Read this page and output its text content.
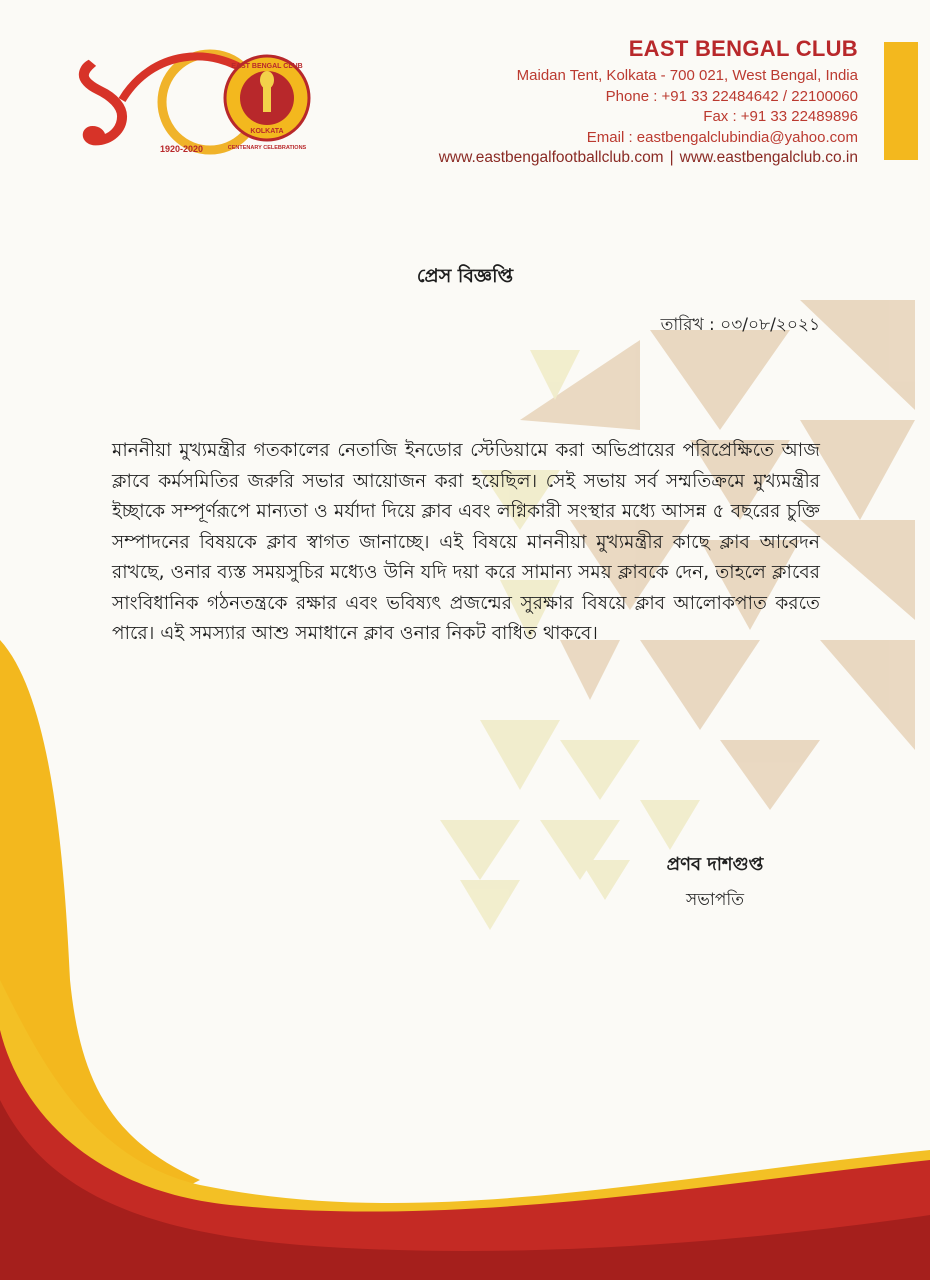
১ 1920-2020
EAST BENGAL CLUB
KOLKATA
CENTENARY CELEBRATIONS
EAST BENGAL CLUB
Maidan Tent, Kolkata - 700 021, West Bengal, India
Phone : +91 33 22484642 / 22100060
Fax : +91 33 22489896
Email : eastbengalclubindia@yahoo.com
www.eastbengalfootballclub.com | www.eastbengalclub.co.in
প্রেস বিজ্ঞপ্তি
তারিখ : ০৩/০৮/২০২১
মাননীয়া মুখ্যমন্ত্রীর গতকালের নেতাজি ইনডোর স্টেডিয়ামে করা অভিপ্রায়ের পরিপ্রেক্ষিতে আজ ক্লাবে কর্মসমিতির জরুরি সভার আয়োজন করা হয়েছিল। সেই সভায় সর্ব সম্মতিক্রমে মুখ্যমন্ত্রীর ইচ্ছাকে সম্পূর্ণরূপে মান্যতা ও মর্যাদা দিয়ে ক্লাব এবং লগ্নিকারী সংস্থার মধ্যে আসন্ন ৫ বছরের চুক্তি সম্পাদনের বিষয়কে ক্লাব স্বাগত জানাচ্ছে। এই বিষয়ে মাননীয়া মুখ্যমন্ত্রীর কাছে ক্লাব আবেদন রাখছে, ওনার ব্যস্ত সময়সুচির মধ্যেও উনি যদি দয়া করে সামান্য সময় ক্লাবকে দেন, তাহলে ক্লাবের সাংবিধানিক গঠনতন্ত্রকে রক্ষার এবং ভবিষ্যৎ প্রজন্মের সুরক্ষার বিষয়ে ক্লাব আলোকপাত করতে পারে। এই সমস্যার আশু সমাধানে ক্লাব ওনার নিকট বাধিত থাকবে।
প্রণব দাশগুপ্ত
সভাপতি
